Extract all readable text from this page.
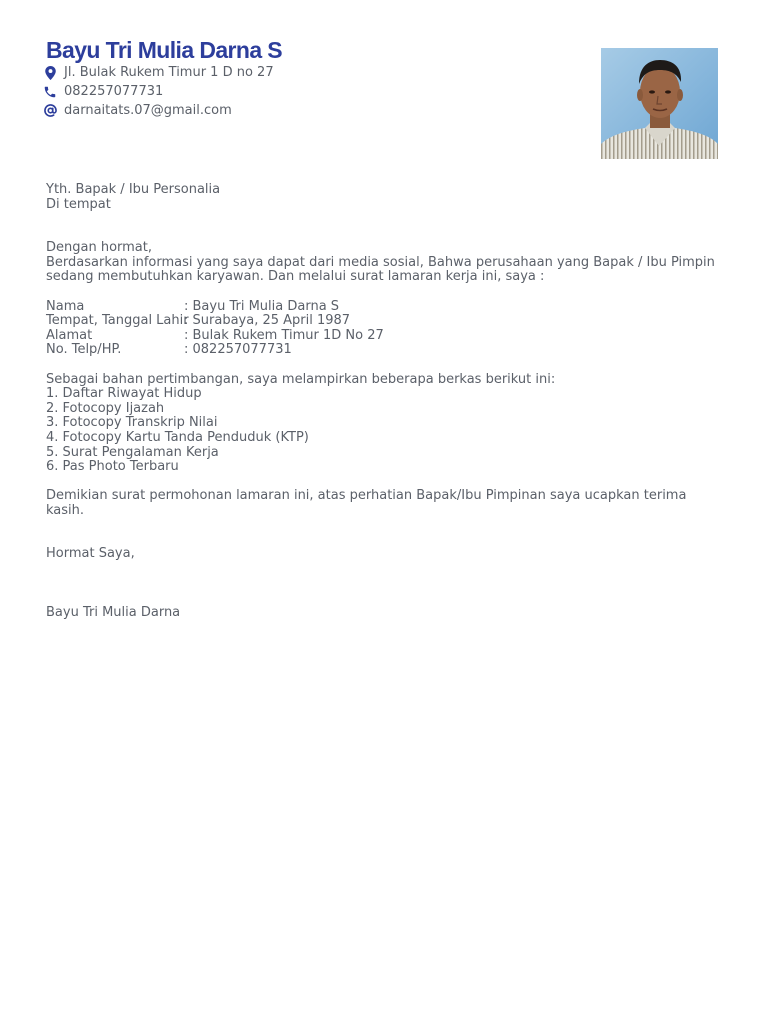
Bayu Tri Mulia Darna S
Jl. Bulak Rukem Timur 1 D no 27
082257077731
darnaitats.07@gmail.com

Yth. Bapak / Ibu Personalia

Di tempat

Dengan hormat,

Berdasarkan informasi yang saya dapat dari media sosial, Bahwa perusahaan yang Bapak / Ibu Pimpin sedang membutuhkan karyawan. Dan melalui surat lamaran kerja ini, saya :

Nama	: Bayu Tri Mulia Darna S
Tempat, Tanggal Lahir
: Surabaya, 25 April 1987
Alamat	: Bulak Rukem Timur 1D No 27
No. Telp/HP.	: 082257077731

Sebagai bahan pertimbangan, saya melampirkan beberapa berkas berikut ini:

1. Daftar Riwayat Hidup

2. Fotocopy Ijazah

3. Fotocopy Transkrip Nilai

4. Fotocopy Kartu Tanda Penduduk (KTP)

5. Surat Pengalaman Kerja

6. Pas Photo Terbaru

Demikian surat permohonan lamaran ini, atas perhatian Bapak/Ibu Pimpinan saya ucapkan terima kasih.

Hormat Saya,

Bayu Tri Mulia Darna
